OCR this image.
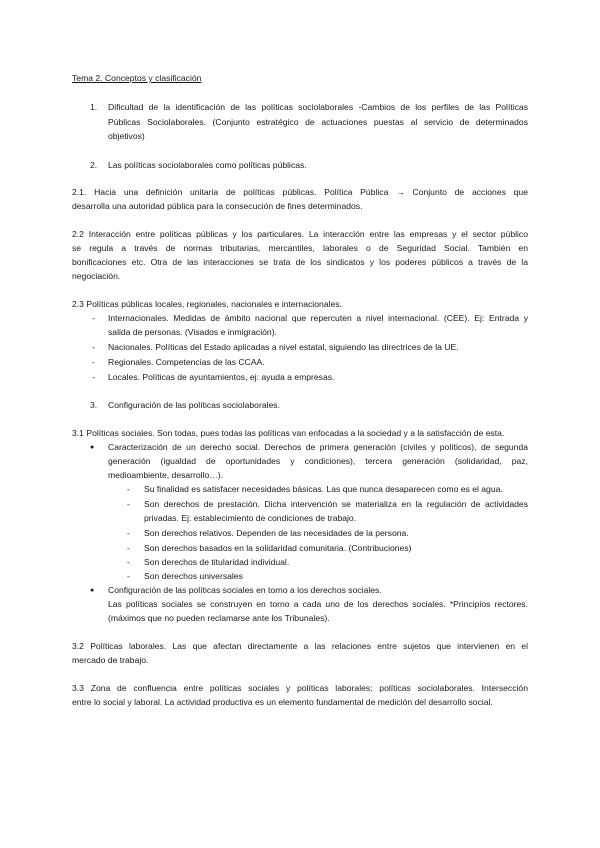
Tema 2. Conceptos y clasificación
1. Dificultad de la identificación de las políticas sociolaborales -Cambios de los perfiles de las Políticas
Públicas Sociolaborales. (Conjunto estratégico de actuaciones puestas al servicio de determinados
objetivos)
2. Las políticas sociolaborales como políticas públicas.
2.1. Hacia una definición unitaria de políticas públicas. Política Pública → Conjunto de acciones que
desarrolla una autoridad pública para la consecución de fines determinados.
2.2 Interacción entre políticas públicas y los particulares. La interacción entre las empresas y el sector público
se regula a través de normas tributarias, mercantiles, laborales o de Seguridad Social. También en
bonificaciones etc. Otra de las interacciones se trata de los sindicatos y los poderes públicos a través de la
negociación.
2.3 Políticas públicas locales, regionales, nacionales e internacionales.
- Internacionales. Medidas de ámbito nacional que repercuten a nivel internacional. (CEE). Ej: Entrada y
salida de personas. (Visados e inmigración).
- Nacionales. Políticas del Estado aplicadas a nivel estatal, siguiendo las directrices de la UE.
- Regionales. Competencias de las CCAA.
- Locales. Políticas de ayuntamientos, ej: ayuda a empresas.
3. Configuración de las políticas sociolaborales.
3.1 Políticas sociales. Son todas, pues todas las políticas van enfocadas a la sociedad y a la satisfacción de esta.
● Caracterización de un derecho social. Derechos de primera generación (civiles y políticos), de segunda
generación (igualdad de oportunidades y condiciones), tercera generación (solidaridad, paz,
medioambiente, desarrollo…).
- Su finalidad es satisfacer necesidades básicas. Las que nunca desaparecen como es el agua.
- Son derechos de prestación. Dicha intervención se materializa en la regulación de actividades
privadas. Ej: establecimiento de condiciones de trabajo.
- Son derechos relativos. Dependen de las necesidades de la persona.
- Son derechos basados en la solidaridad comunitaria. (Contribuciones)
- Son derechos de titularidad individual.
- Son derechos universales
● Configuración de las políticas sociales en torno a los derechos sociales.
Las políticas sociales se construyen en torno a cada uno de los derechos sociales. *Principios rectores.
(máximos que no pueden reclamarse ante los Tribunales).
3.2 Políticas laborales. Las que afectan directamente a las relaciones entre sujetos que intervienen en el
mercado de trabajo.
3.3 Zona de confluencia entre políticas sociales y políticas laborales; políticas sociolaborales. Intersección
entre lo social y laboral. La actividad productiva es un elemento fundamental de medición del desarrollo social.
